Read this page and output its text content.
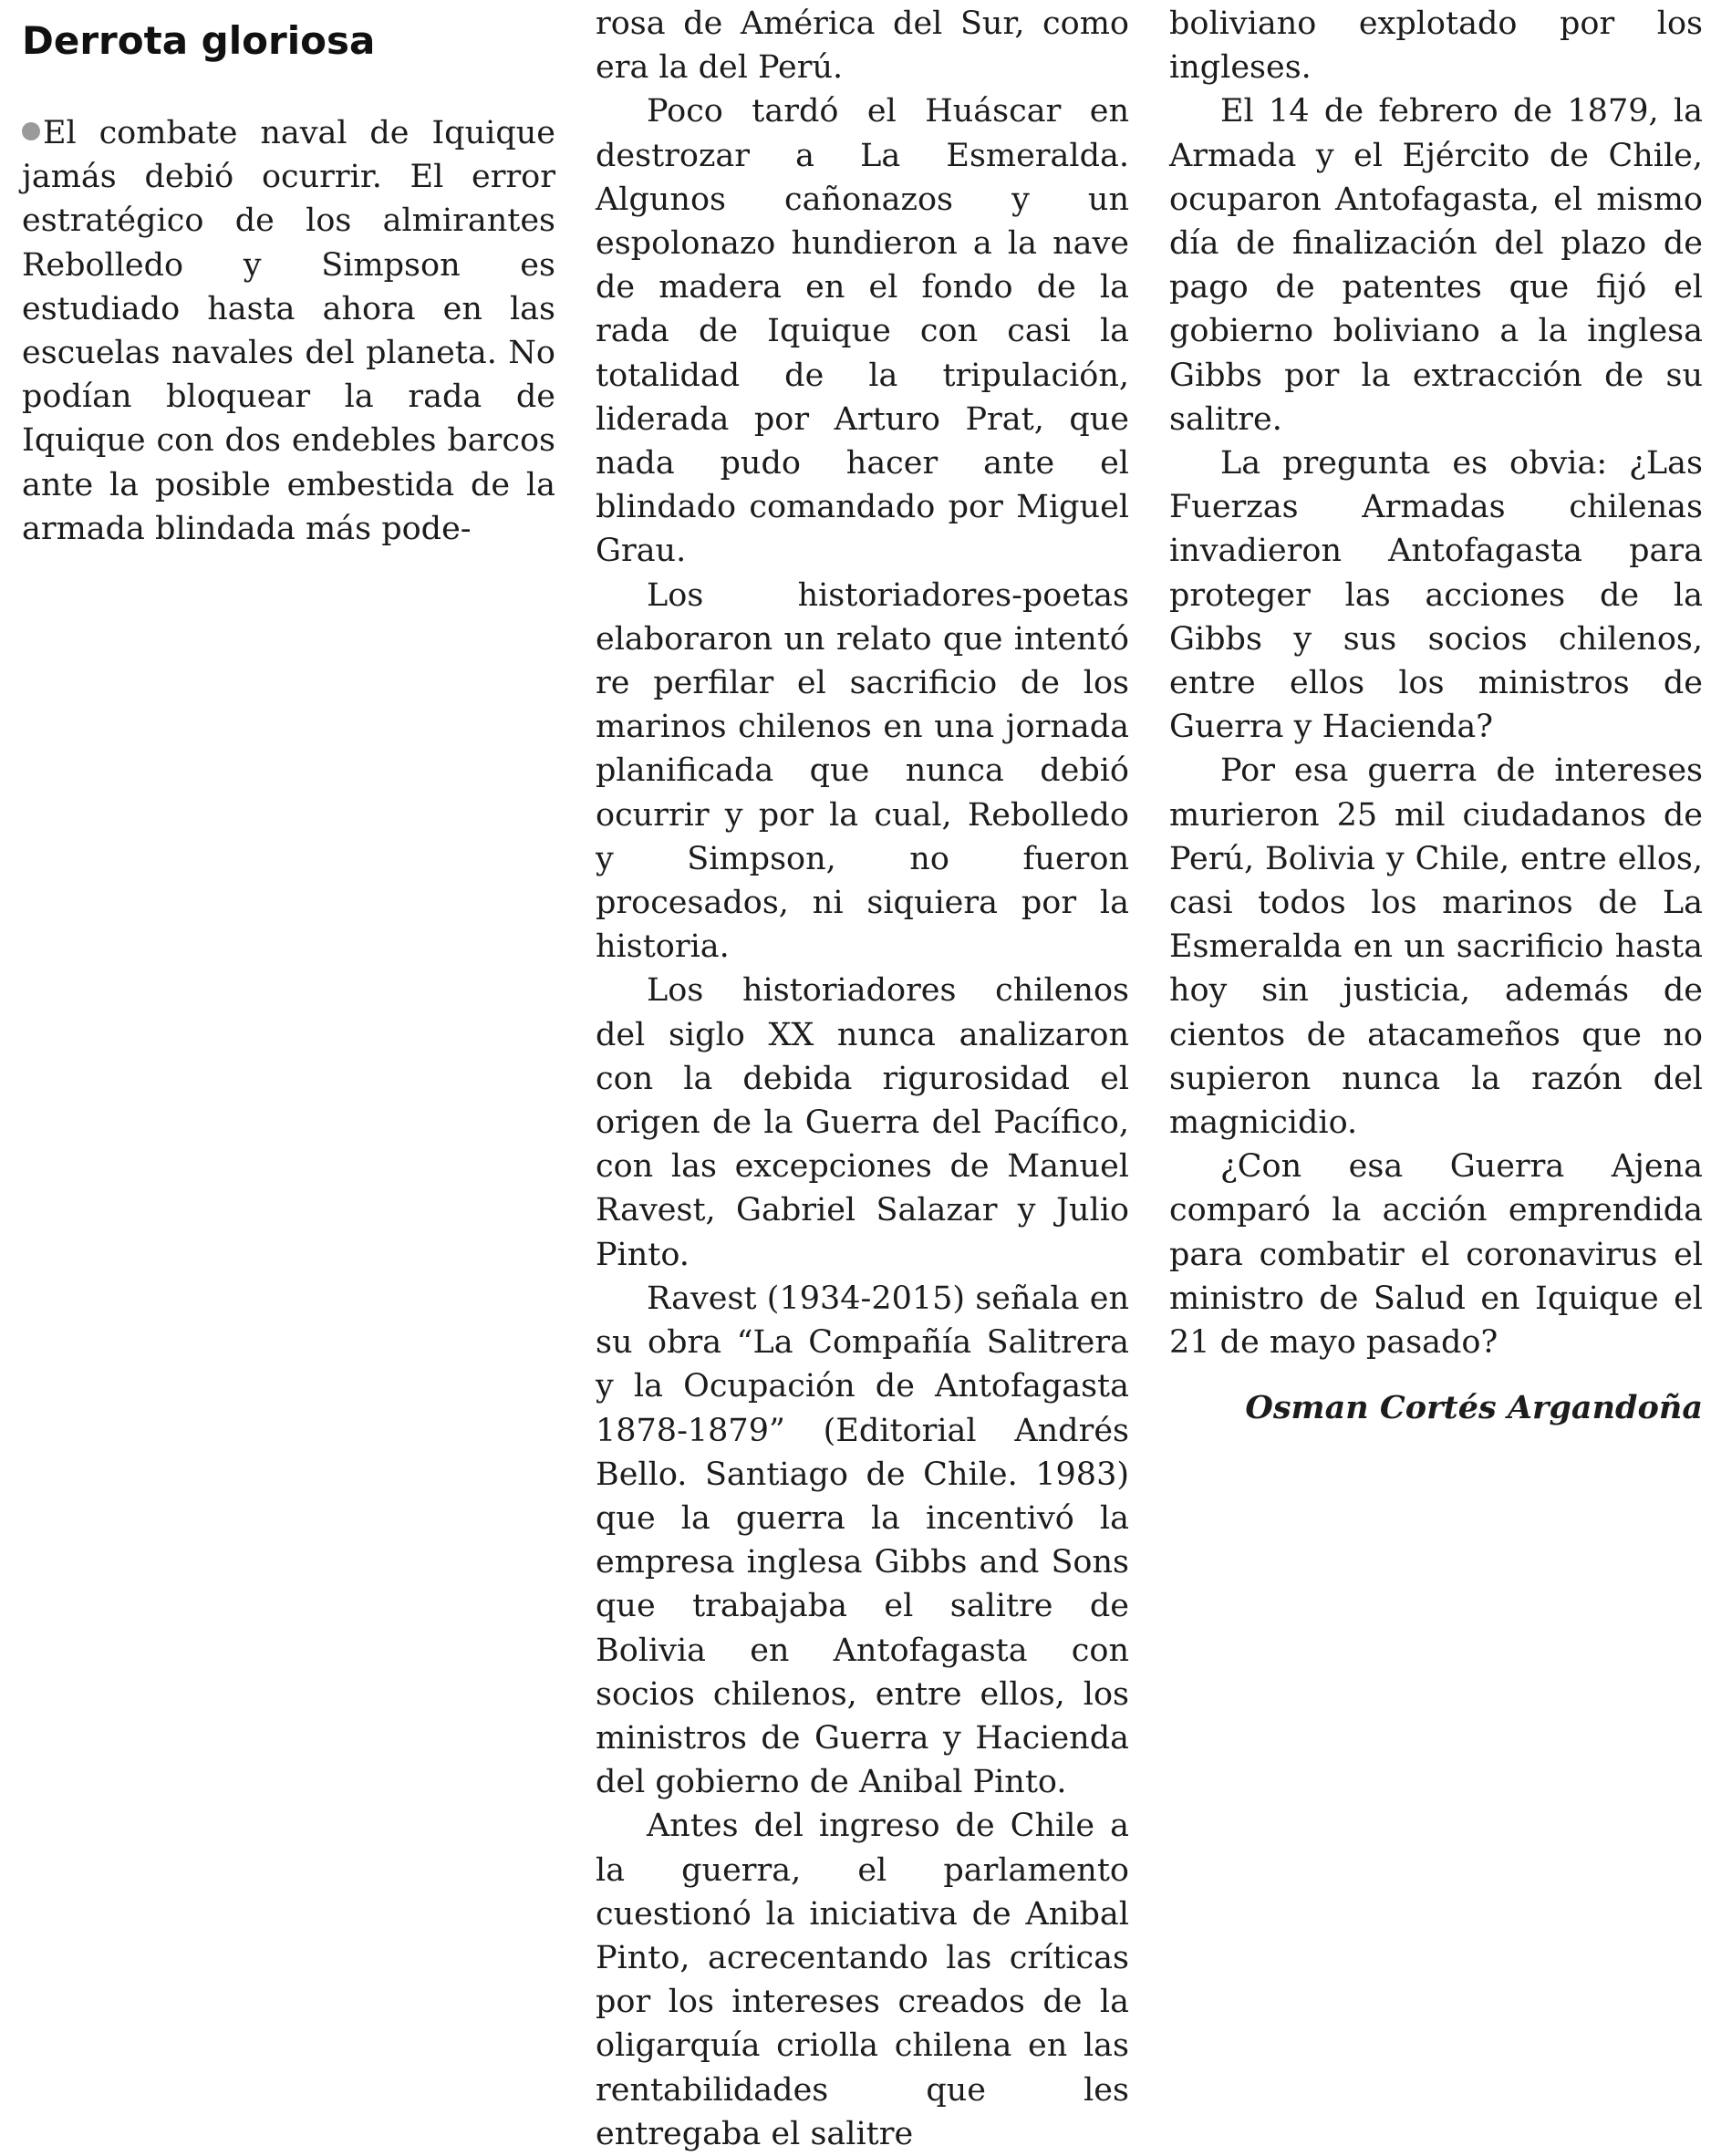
Derrota gloriosa

El combate naval de Iquique jamás debió ocurrir. El error estratégico de los almirantes Rebolledo y Simpson es estudiado hasta ahora en las escuelas navales del planeta. No podían bloquear la rada de Iquique con dos endebles barcos ante la posible embestida de la armada blindada más pode-

rosa de América del Sur, como era la del Perú.

Poco tardó el Huáscar en destrozar a La Esmeralda. Algunos cañonazos y un espolonazo hundieron a la nave de madera en el fondo de la rada de Iquique con casi la totalidad de la tripulación, liderada por Arturo Prat, que nada pudo hacer ante el blindado comandado por Miguel Grau.

Los historiadores-poetas elaboraron un relato que intentó re perfilar el sacrificio de los marinos chilenos en una jornada planificada que nunca debió ocurrir y por la cual, Rebolledo y Simpson, no fueron procesados, ni siquiera por la historia.

Los historiadores chilenos del siglo XX nunca analizaron con la debida rigurosidad el origen de la Guerra del Pacífico, con las excepciones de Manuel Ravest, Gabriel Salazar y Julio Pinto.

Ravest (1934-2015) señala en su obra “La Compañía Salitrera y la Ocupación de Antofagasta 1878-1879” (Editorial Andrés Bello. Santiago de Chile. 1983) que la guerra la incentivó la empresa inglesa Gibbs and Sons que trabajaba el salitre de Bolivia en Antofagasta con socios chilenos, entre ellos, los ministros de Guerra y Hacienda del gobierno de Anibal Pinto.

Antes del ingreso de Chile a la guerra, el parlamento cuestionó la iniciativa de Anibal Pinto, acrecentando las críticas por los intereses creados de la oligarquía criolla chilena en las rentabilidades que les entregaba el salitre

boliviano explotado por los ingleses.

El 14 de febrero de 1879, la Armada y el Ejército de Chile, ocuparon Antofagasta, el mismo día de finalización del plazo de pago de patentes que fijó el gobierno boliviano a la inglesa Gibbs por la extracción de su salitre.

La pregunta es obvia: ¿Las Fuerzas Armadas chilenas invadieron Antofagasta para proteger las acciones de la Gibbs y sus socios chilenos, entre ellos los ministros de Guerra y Hacienda?

Por esa guerra de intereses murieron 25 mil ciudadanos de Perú, Bolivia y Chile, entre ellos, casi todos los marinos de La Esmeralda en un sacrificio hasta hoy sin justicia, además de cientos de atacameños que no supieron nunca la razón del magnicidio.

¿Con esa Guerra Ajena comparó la acción emprendida para combatir el coronavirus el ministro de Salud en Iquique el 21 de mayo pasado?

Osman Cortés Argandoña
